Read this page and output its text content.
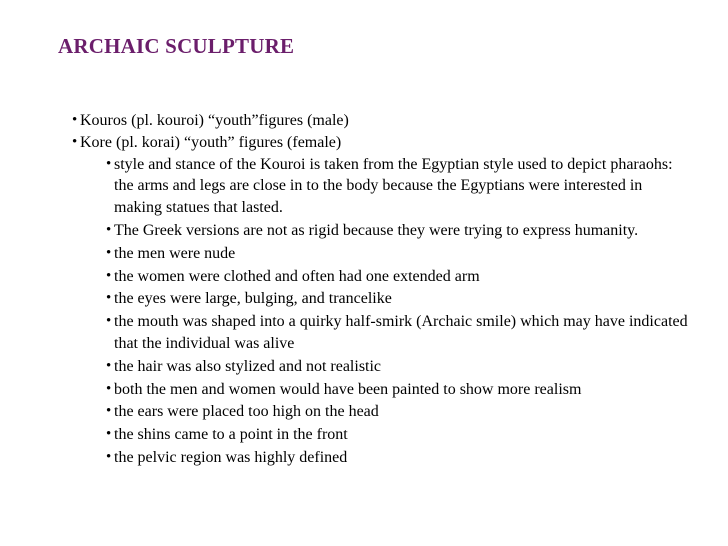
ARCHAIC SCULPTURE
• Kouros (pl. kouroi) “youth”figures (male)
• Kore (pl. korai) “youth” figures (female)
• style and stance of the Kouroi is taken from the Egyptian style used to depict pharaohs: the arms and legs are close in to the body because the Egyptians were interested in making statues that lasted.
• The Greek versions are not as rigid because they were trying to express humanity.
• the men were nude
• the women were clothed and often had one extended arm
• the eyes were large, bulging, and trancelike
• the mouth was shaped into a quirky half-smirk (Archaic smile) which may have indicated that the individual was alive
• the hair was also stylized and not realistic
• both the men and women would have been painted to show more realism
• the ears were placed too high on the head
• the shins came to a point in the front
• the pelvic region was highly defined
